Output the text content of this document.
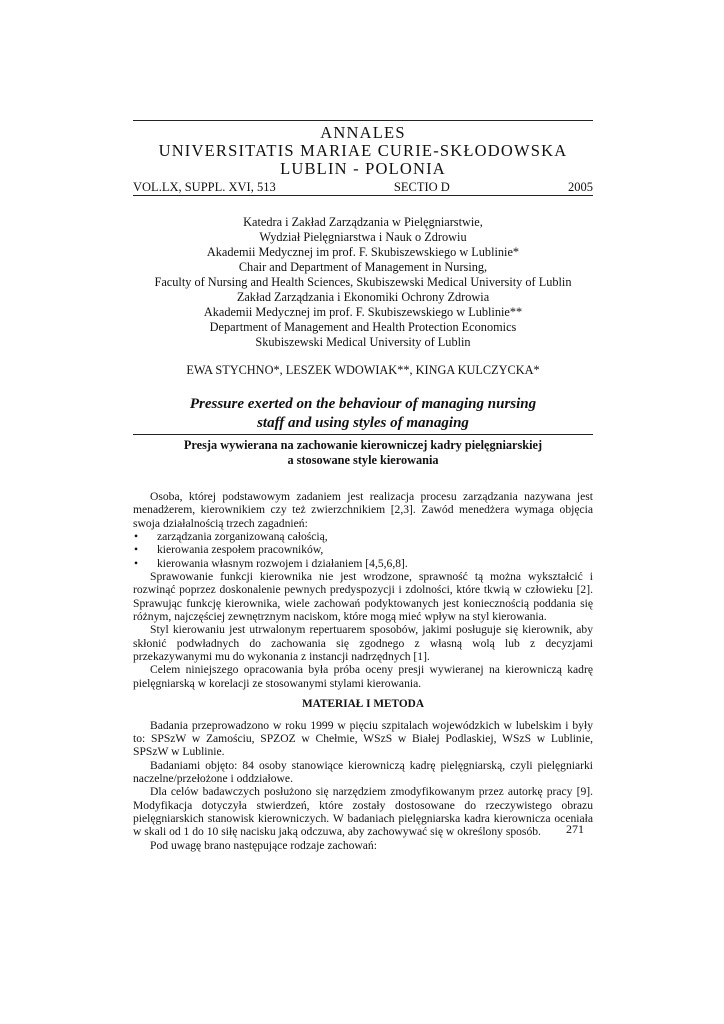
ANNALES
UNIVERSITATIS MARIAE CURIE-SKŁODOWSKA
LUBLIN - POLONIA
VOL.LX, SUPPL. XVI, 513	SECTIO D	2005
Katedra i Zakład Zarządzania w Pielęgniarstwie,
Wydział Pielęgniarstwa i Nauk o Zdrowiu
Akademii Medycznej im prof. F. Skubiszewskiego w Lublinie*
Chair and Department of Management in Nursing,
Faculty of Nursing and Health Sciences, Skubiszewski Medical University of Lublin
Zakład Zarządzania i Ekonomiki Ochrony Zdrowia
Akademii Medycznej im prof. F. Skubiszewskiego w Lublinie**
Department of Management and Health Protection Economics
Skubiszewski Medical University of Lublin
EWA STYCHNO*, LESZEK WDOWIAK**, KINGA KULCZYCKA*
Pressure exerted on the behaviour of managing nursing
staff and using styles of managing
Presja wywierana na zachowanie kierowniczej kadry pielęgniarskiej
a stosowane style kierowania

Osoba, której podstawowym zadaniem jest realizacja procesu zarządzania nazywana jest menadżerem, kierownikiem czy też zwierzchnikiem [2,3]. Zawód menedżera wymaga objęcia swoja działalnością trzech zagadnień:

• zarządzania zorganizowaną całością,
• kierowania zespołem pracowników,
• kierowania własnym rozwojem i działaniem [4,5,6,8].

Sprawowanie funkcji kierownika nie jest wrodzone, sprawność tą można wykształcić i rozwinąć poprzez doskonalenie pewnych predyspozycji i zdolności, które tkwią w człowieku [2]. Sprawując funkcję kierownika, wiele zachowań podyktowanych jest koniecznością poddania się różnym, najczęściej zewnętrznym naciskom, które mogą mieć wpływ na styl kierowania.

Styl kierowaniu jest utrwalonym repertuarem sposobów, jakimi posługuje się kierownik, aby skłonić podwładnych do zachowania się zgodnego z własną wolą lub z decyzjami przekazywanymi mu do wykonania z instancji nadrzędnych [1].

Celem niniejszego opracowania była próba oceny presji wywieranej na kierowniczą kadrę pielęgniarską w korelacji ze stosowanymi stylami kierowania.

MATERIAŁ I METODA

Badania przeprowadzono w roku 1999 w pięciu szpitalach wojewódzkich w lubelskim i były to: SPSzW w Zamościu, SPZOZ w Chełmie, WSzS w Białej Podlaskiej, WSzS w Lublinie, SPSzW w Lublinie.

Badaniami objęto: 84 osoby stanowiące kierowniczą kadrę pielęgniarską, czyli pielęgniarki naczelne/przełożone i oddziałowe.

Dla celów badawczych posłużono się narzędziem zmodyfikowanym przez autorkę pracy [9]. Modyfikacja dotyczyła stwierdzeń, które zostały dostosowane do rzeczywistego obrazu pielęgniarskich stanowisk kierowniczych. W badaniach pielęgniarska kadra kierownicza oceniała w skali od 1 do 10 siłę nacisku jaką odczuwa, aby zachowywać się w określony sposób.

Pod uwagę brano następujące rodzaje zachowań:

271
